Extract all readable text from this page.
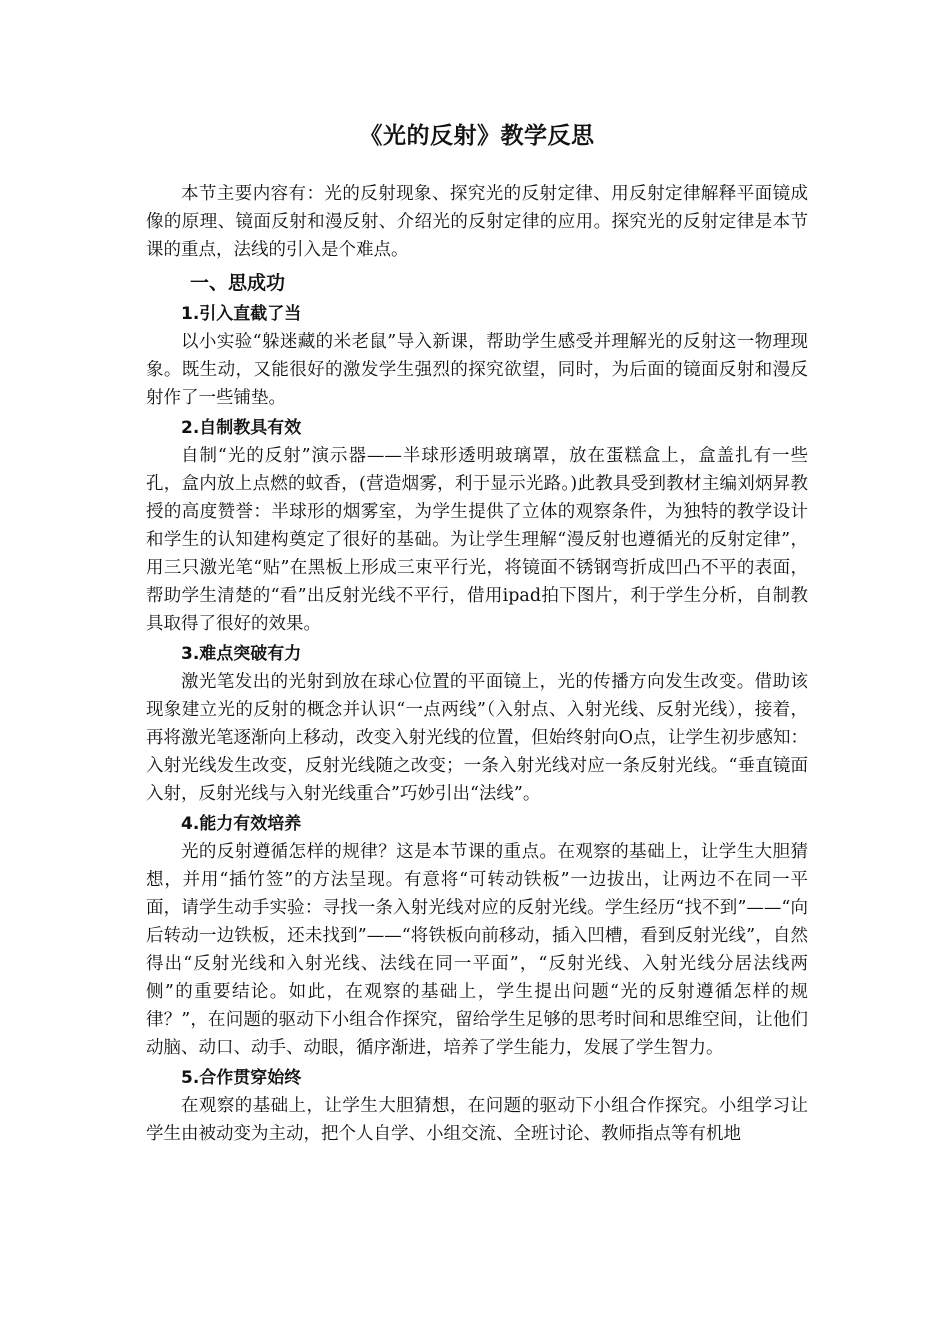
《光的反射》教学反思

本节主要内容有：光的反射现象、探究光的反射定律、用反射定律解释平面镜成像的原理、镜面反射和漫反射、介绍光的反射定律的应用。探究光的反射定律是本节课的重点，法线的引入是个难点。

一、思成功
1.引入直截了当

以小实验“躲迷藏的米老鼠”导入新课，帮助学生感受并理解光的反射这一物理现象。既生动，又能很好的激发学生强烈的探究欲望，同时，为后面的镜面反射和漫反射作了一些铺垫。

2.自制教具有效

自制“光的反射”演示器——半球形透明玻璃罩，放在蛋糕盒上，盒盖扎有一些孔，盒内放上点燃的蚊香，(营造烟雾，利于显示光路。)此教具受到教材主编刘炳昇教授的高度赞誉：半球形的烟雾室，为学生提供了立体的观察条件，为独特的教学设计和学生的认知建构奠定了很好的基础。为让学生理解“漫反射也遵循光的反射定律”，用三只激光笔“贴”在黑板上形成三束平行光，将镜面不锈钢弯折成凹凸不平的表面，帮助学生清楚的“看”出反射光线不平行，借用ipad拍下图片，利于学生分析，自制教具取得了很好的效果。

3.难点突破有力

激光笔发出的光射到放在球心位置的平面镜上，光的传播方向发生改变。借助该现象建立光的反射的概念并认识“一点两线”（入射点、入射光线、反射光线），接着，再将激光笔逐渐向上移动，改变入射光线的位置，但始终射向O点，让学生初步感知：入射光线发生改变，反射光线随之改变；一条入射光线对应一条反射光线。“垂直镜面入射，反射光线与入射光线重合”巧妙引出“法线”。

4.能力有效培养

光的反射遵循怎样的规律？这是本节课的重点。在观察的基础上，让学生大胆猜想，并用“插竹签”的方法呈现。有意将“可转动铁板”一边拔出，让两边不在同一平面，请学生动手实验：寻找一条入射光线对应的反射光线。学生经历“找不到”——“向后转动一边铁板，还未找到”——“将铁板向前移动，插入凹槽，看到反射光线”，自然得出“反射光线和入射光线、法线在同一平面”，“反射光线、入射光线分居法线两侧”的重要结论。如此，在观察的基础上，学生提出问题“光的反射遵循怎样的规律？”，在问题的驱动下小组合作探究，留给学生足够的思考时间和思维空间，让他们动脑、动口、动手、动眼，循序渐进，培养了学生能力，发展了学生智力。

5.合作贯穿始终

在观察的基础上，让学生大胆猜想，在问题的驱动下小组合作探究。小组学习让学生由被动变为主动，把个人自学、小组交流、全班讨论、教师指点等有机地
